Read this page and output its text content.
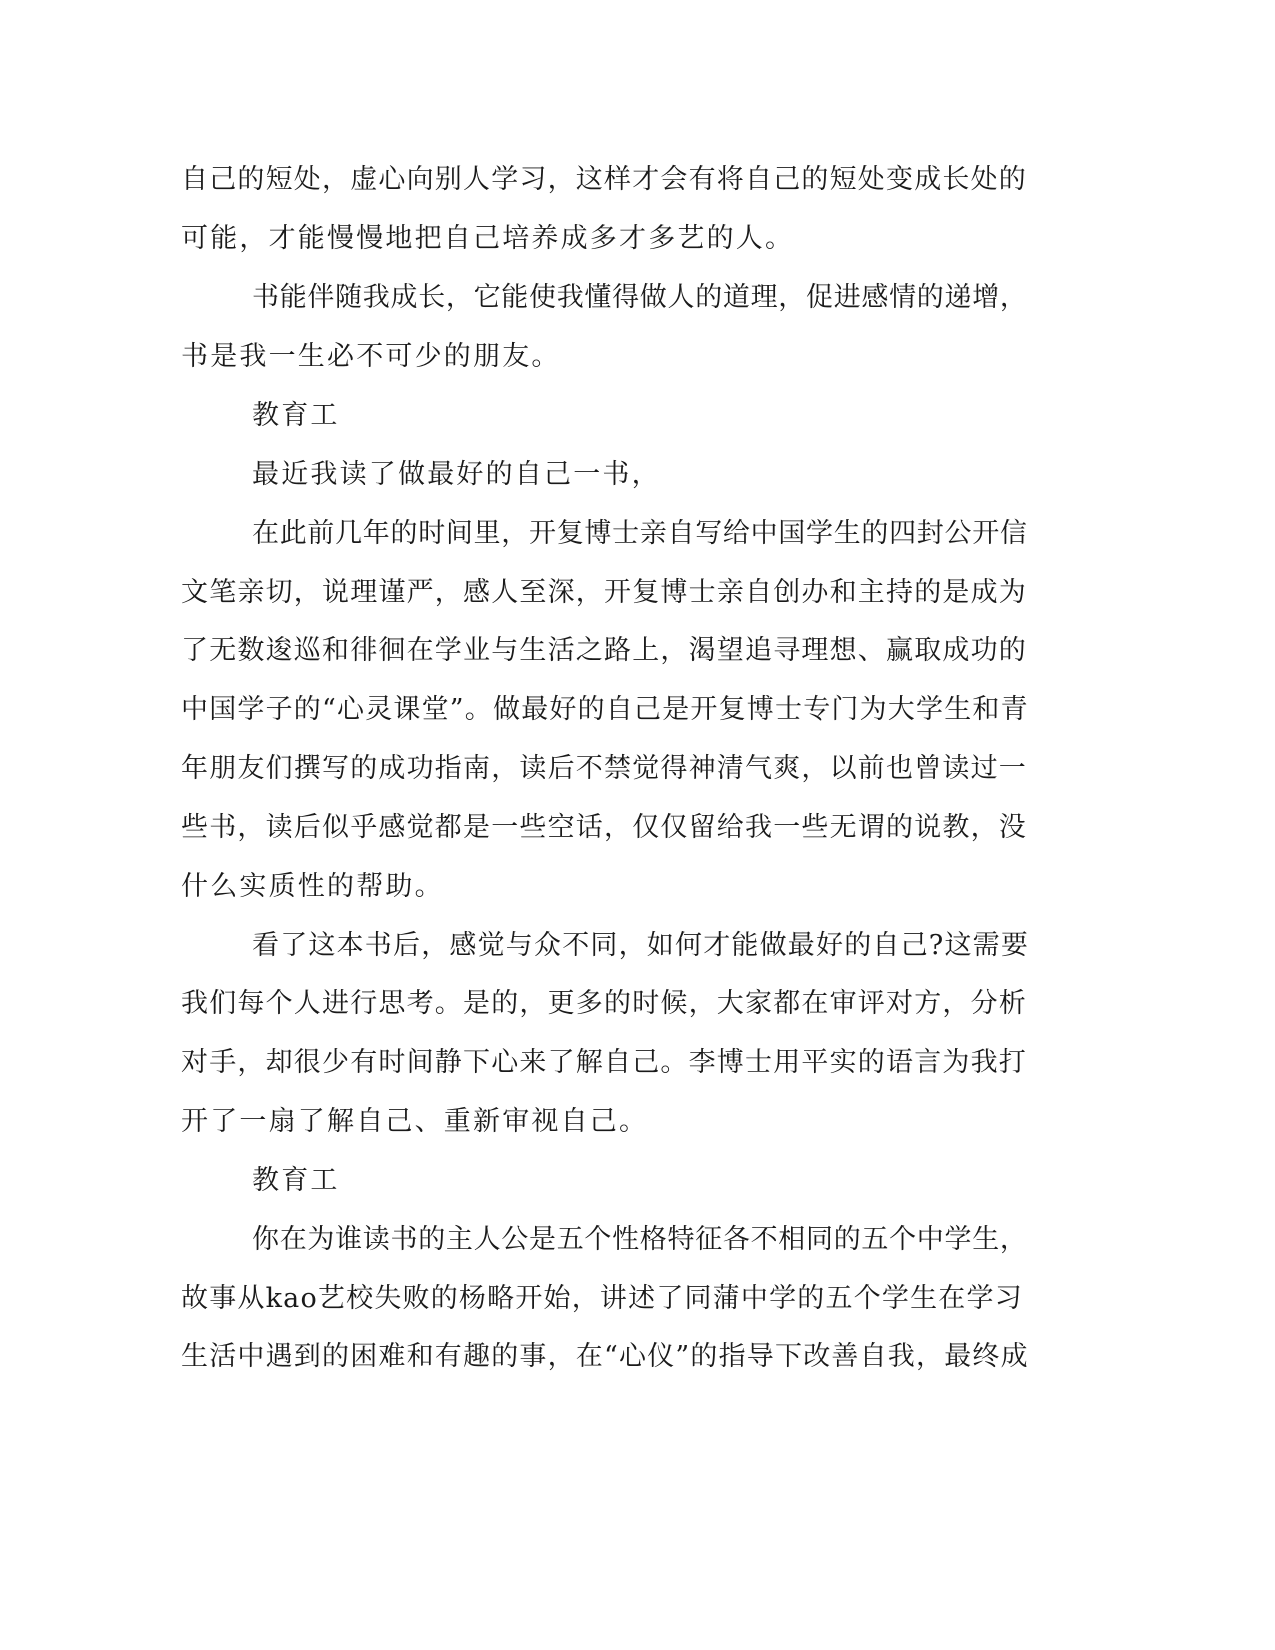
自己的短处，虚心向别人学习，这样才会有将自己的短处变成长处的
可能，才能慢慢地把自己培养成多才多艺的人。
书能伴随我成长，它能使我懂得做人的道理，促进感情的递增，
书是我一生必不可少的朋友。
教育工
最近我读了做最好的自己一书，
在此前几年的时间里，开复博士亲自写给中国学生的四封公开信
文笔亲切，说理谨严，感人至深，开复博士亲自创办和主持的是成为
了无数逡巡和徘徊在学业与生活之路上，渴望追寻理想、赢取成功的
中国学子的“心灵课堂”。做最好的自己是开复博士专门为大学生和青
年朋友们撰写的成功指南，读后不禁觉得神清气爽，以前也曾读过一
些书，读后似乎感觉都是一些空话，仅仅留给我一些无谓的说教，没
什么实质性的帮助。
看了这本书后，感觉与众不同，如何才能做最好的自己?这需要
我们每个人进行思考。是的，更多的时候，大家都在审评对方，分析
对手，却很少有时间静下心来了解自己。李博士用平实的语言为我打
开了一扇了解自己、重新审视自己。
教育工
你在为谁读书的主人公是五个性格特征各不相同的五个中学生，
故事从kao艺校失败的杨略开始，讲述了同蒲中学的五个学生在学习
生活中遇到的困难和有趣的事，在“心仪”的指导下改善自我，最终成
